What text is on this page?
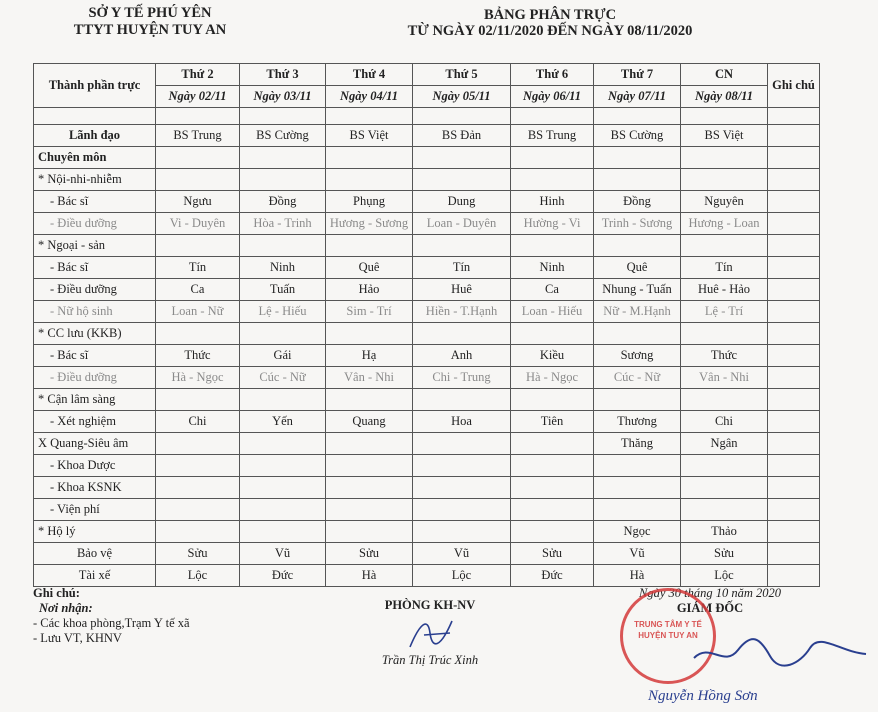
SỞ Y TẾ PHÚ YÊN
TTYT HUYỆN TUY AN
BẢNG PHÂN TRỰC
TỪ NGÀY 02/11/2020 ĐẾN NGÀY 08/11/2020
Thành phần trực	Thứ 2	Thứ 3	Thứ 4	Thứ 5	Thứ 6	Thứ 7	CN	Ghi chú
	Ngày 02/11	Ngày 03/11	Ngày 04/11	Ngày 05/11	Ngày 06/11	Ngày 07/11	Ngày 08/11	

Lãnh đạo	BS Trung	BS Cường	BS Việt	BS Đản	BS Trung	BS Cường	BS Việt	
Chuyên môn								
* Nội-nhi-nhiễm								
- Bác sĩ	Ngưu	Đồng	Phụng	Dung	Hinh	Đồng	Nguyên	
- Điều dưỡng	Vi - Duyên	Hòa - Trinh	Hương - Sương	Loan - Duyên	Hường - Vi	Trinh - Sương	Hương - Loan	
* Ngoại - sản								
- Bác sĩ	Tín	Ninh	Quê	Tín	Ninh	Quê	Tín	
- Điều dưỡng	Ca	Tuấn	Hảo	Huê	Ca	Nhung - Tuấn	Huê - Hảo	
- Nữ hộ sinh	Loan - Nữ	Lệ - Hiếu	Sim - Trí	Hiền - T.Hạnh	Loan - Hiếu	Nữ - M.Hạnh	Lệ - Trí	
* CC lưu (KKB)								
- Bác sĩ	Thức	Gái	Hạ	Anh	Kiều	Sương	Thức	
- Điều dưỡng	Hà - Ngọc	Cúc - Nữ	Vân - Nhi	Chi - Trung	Hà - Ngọc	Cúc - Nữ	Vân - Nhi	
* Cận lâm sàng								
- Xét nghiệm	Chi	Yến	Quang	Hoa	Tiên	Thương	Chi	
X Quang-Siêu âm						Thăng	Ngân	
- Khoa Dược								
- Khoa KSNK								
- Viện phí								
* Hộ lý						Ngọc	Thảo	
Bảo vệ	Sửu	Vũ	Sửu	Vũ	Sửu	Vũ	Sửu	
Tài xế	Lộc	Đức	Hà	Lộc	Đức	Hà	Lộc	
Ghi chú:
Nơi nhận:
- Các khoa phòng,Trạm Y tế xã
- Lưu VT, KHNV
PHÒNG KH-NV
Trần Thị Trúc Xinh
Ngày 30 tháng 10 năm 2020
GIÁM ĐỐC
TRUNG TÂM Y TẾ HUYỆN TUY AN
Nguyễn Hồng Sơn
